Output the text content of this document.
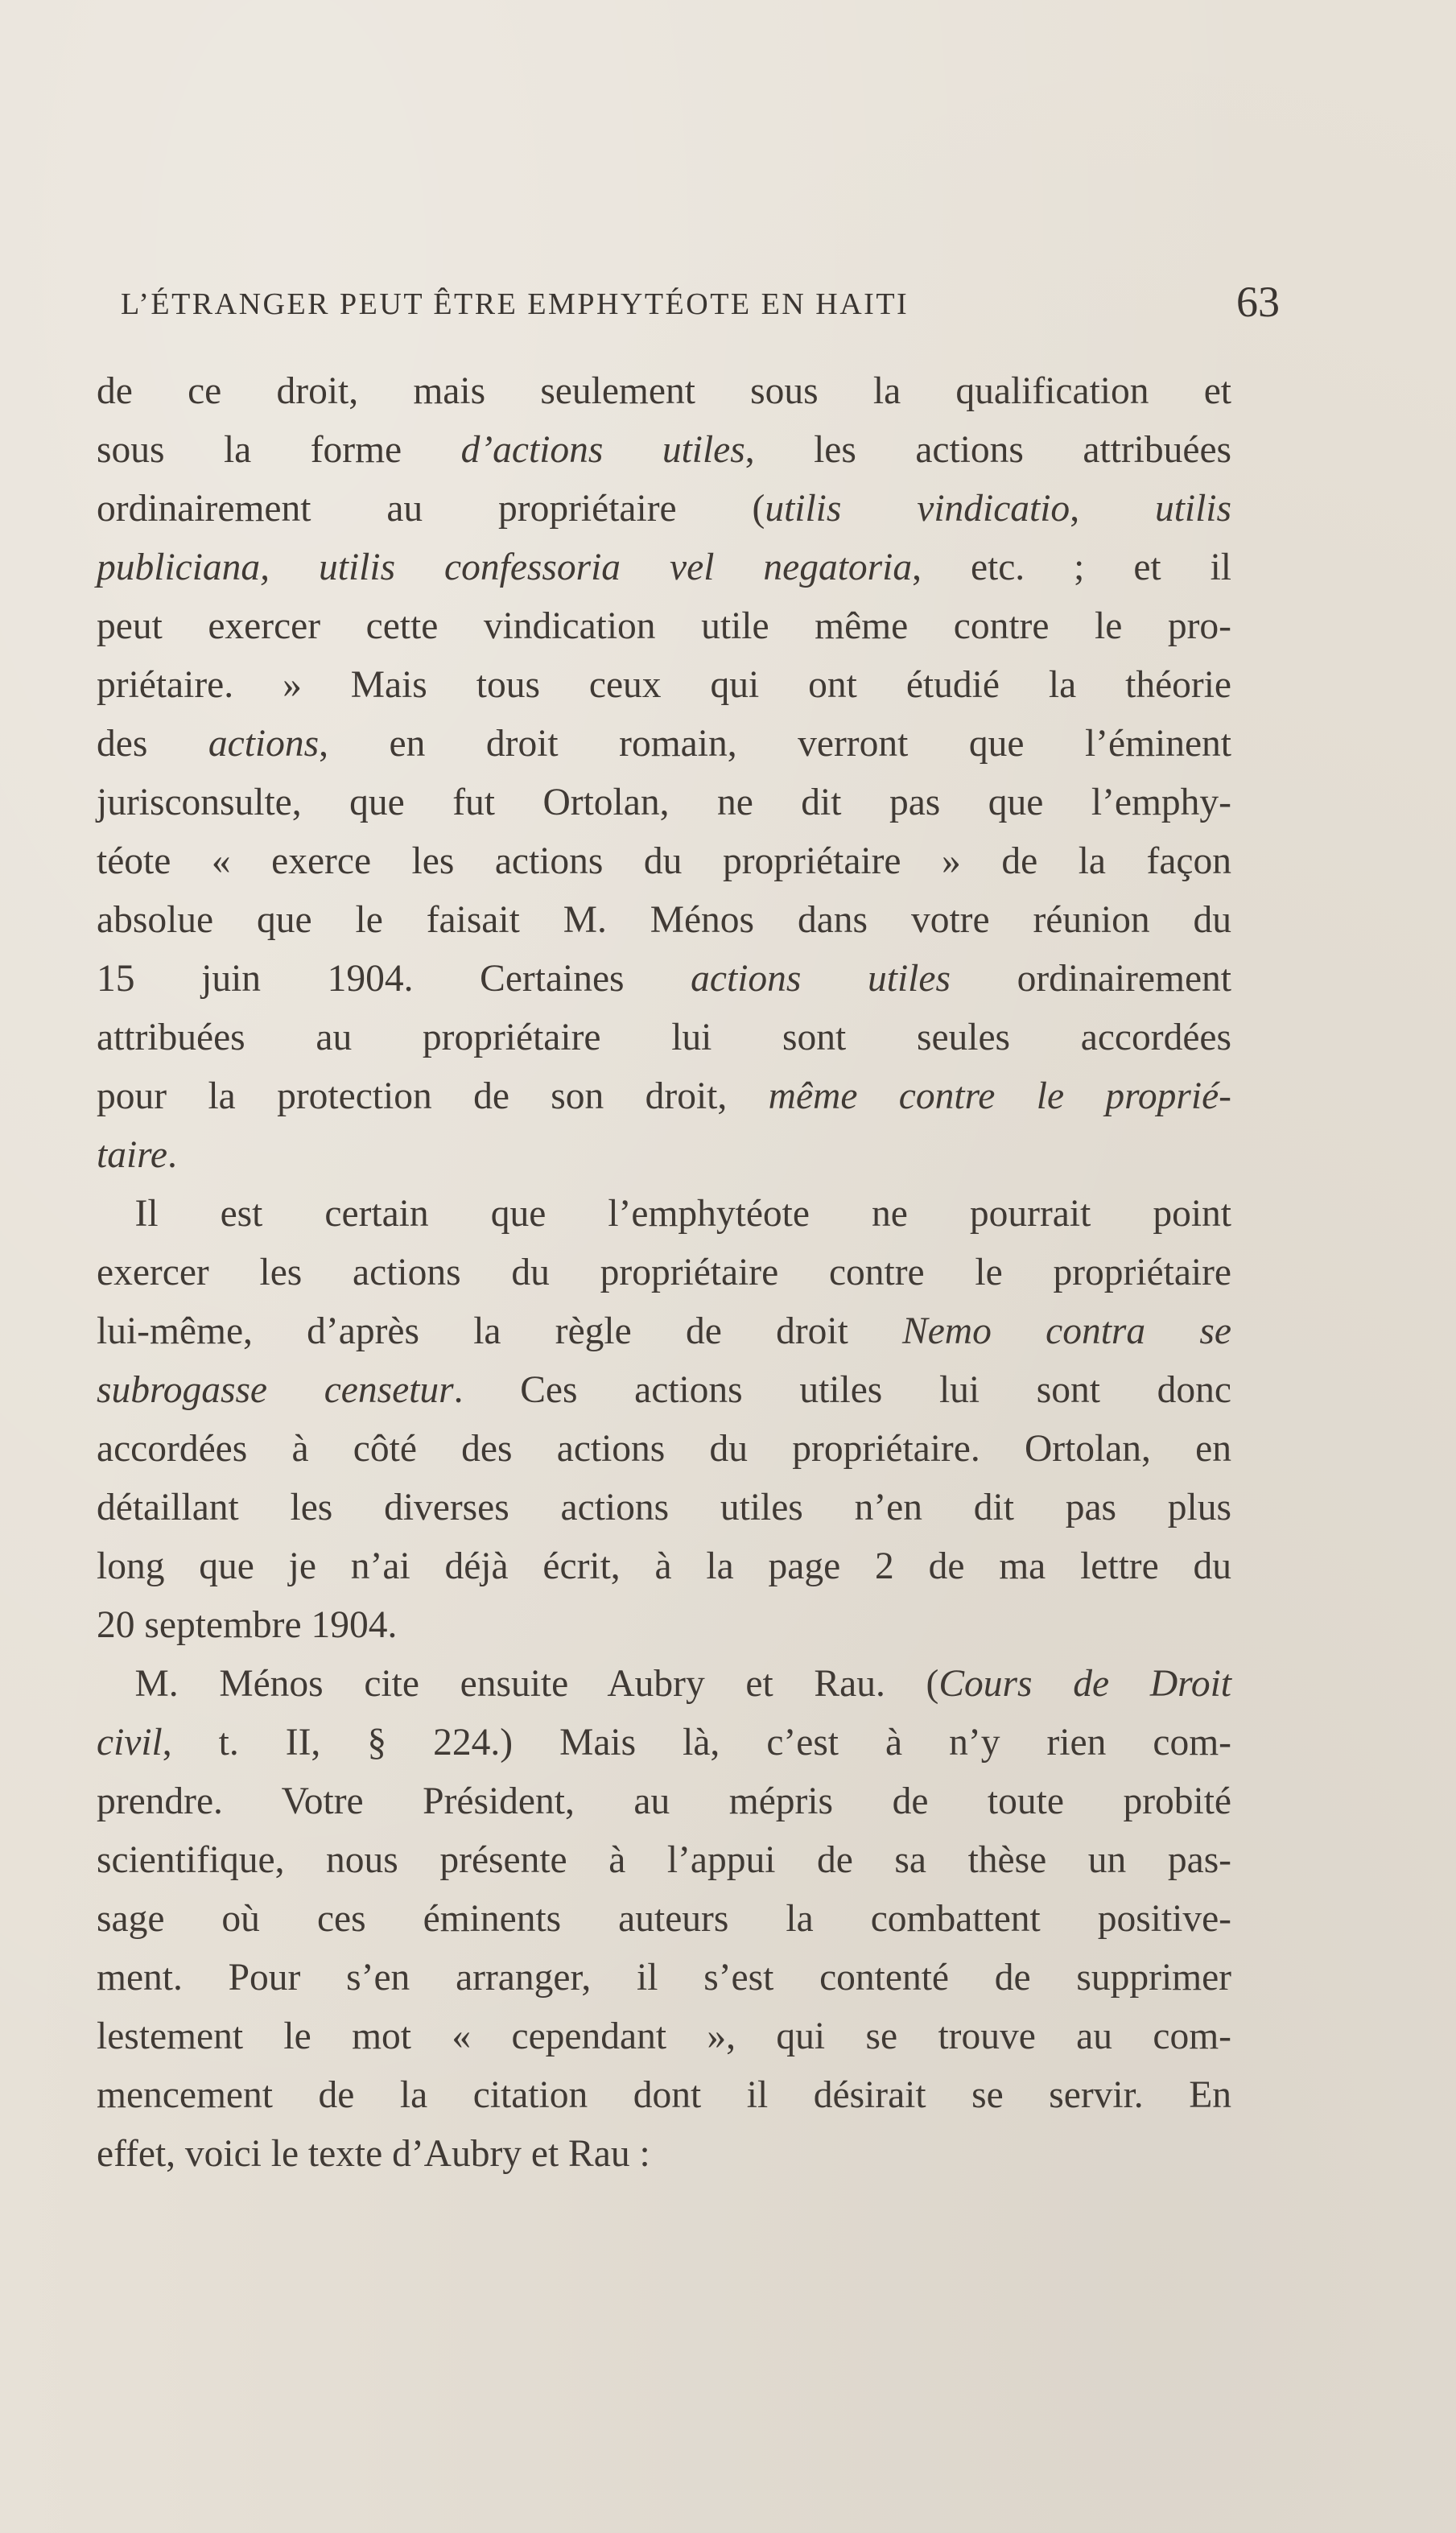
L’ÉTRANGER PEUT ÊTRE EMPHYTÉOTE EN HAITI	63
de ce droit, mais seulement sous la qualification et
sous la forme d’actions utiles, les actions attribuées
ordinairement au propriétaire (utilis vindicatio, utilis
publiciana, utilis confessoria vel negatoria, etc. ; et il
peut exercer cette vindication utile même contre le pro-
priétaire. » Mais tous ceux qui ont étudié la théorie
des actions, en droit romain, verront que l’éminent
jurisconsulte, que fut Ortolan, ne dit pas que l’emphy-
téote « exerce les actions du propriétaire » de la façon
absolue que le faisait M. Ménos dans votre réunion du
15 juin 1904. Certaines actions utiles ordinairement
attribuées au propriétaire lui sont seules accordées
pour la protection de son droit, même contre le proprié-
taire.
 Il est certain que l’emphytéote ne pourrait point
exercer les actions du propriétaire contre le propriétaire
lui-même, d’après la règle de droit Nemo contra se
subrogasse censetur. Ces actions utiles lui sont donc
accordées à côté des actions du propriétaire. Ortolan, en
détaillant les diverses actions utiles n’en dit pas plus
long que je n’ai déjà écrit, à la page 2 de ma lettre du
20 septembre 1904.
 M. Ménos cite ensuite Aubry et Rau. (Cours de Droit
civil, t. II, § 224.) Mais là, c’est à n’y rien com-
prendre. Votre Président, au mépris de toute probité
scientifique, nous présente à l’appui de sa thèse un pas-
sage où ces éminents auteurs la combattent positive-
ment. Pour s’en arranger, il s’est contenté de supprimer
lestement le mot « cependant », qui se trouve au com-
mencement de la citation dont il désirait se servir. En
effet, voici le texte d’Aubry et Rau :
